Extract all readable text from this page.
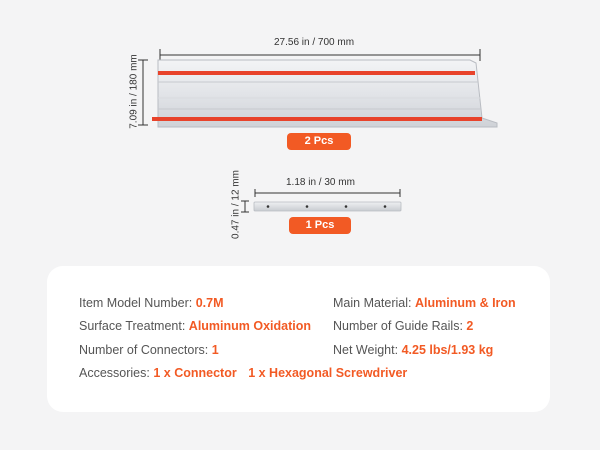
27.56 in / 700 mm
7.09 in / 180 mm
2 Pcs
1.18 in / 30 mm
0.47 in / 12 mm	1 Pcs
Item Model Number: 0.7M	Main Material: Aluminum & Iron
Surface Treatment: Aluminum Oxidation Number of Guide Rails: 2
Number of Connectors: 1	Net Weight: 4.25 lbs/1.93 kg
Accessories: 1 x Connector 1 x Hexagonal Screwdriver
